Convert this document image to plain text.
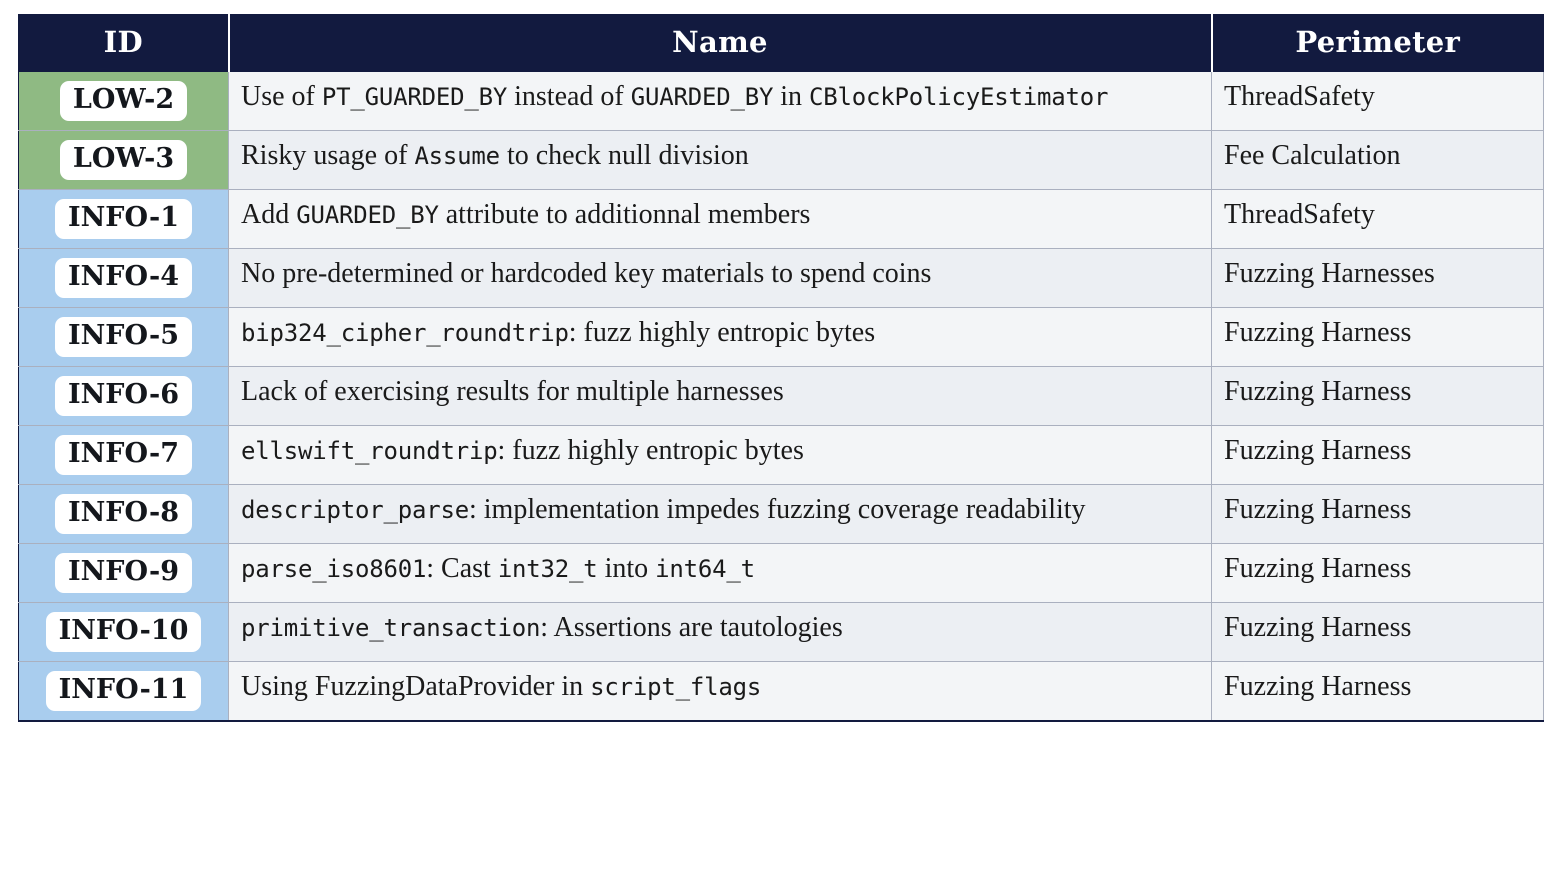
ID	Name	Perimeter

LOW-2	Use of PT_GUARDED_BY instead of GUARDED_BY in CBlockPolicyEstimator	ThreadSafety

LOW-3	Risky usage of Assume to check null division	Fee Calculation

INFO-1	Add GUARDED_BY attribute to additionnal members	ThreadSafety

INFO-4	No pre-determined or hardcoded key materials to spend coins	Fuzzing Harnesses

INFO-5	bip324_cipher_roundtrip: fuzz highly entropic bytes	Fuzzing Harness

INFO-6	Lack of exercising results for multiple harnesses	Fuzzing Harness

INFO-7	ellswift_roundtrip: fuzz highly entropic bytes	Fuzzing Harness

INFO-8	descriptor_parse: implementation impedes fuzzing coverage readability	Fuzzing Harness

INFO-9	parse_iso8601: Cast int32_t into int64_t	Fuzzing Harness

INFO-10	primitive_transaction: Assertions are tautologies	Fuzzing Harness

INFO-11	Using FuzzingDataProvider in script_flags	Fuzzing Harness
